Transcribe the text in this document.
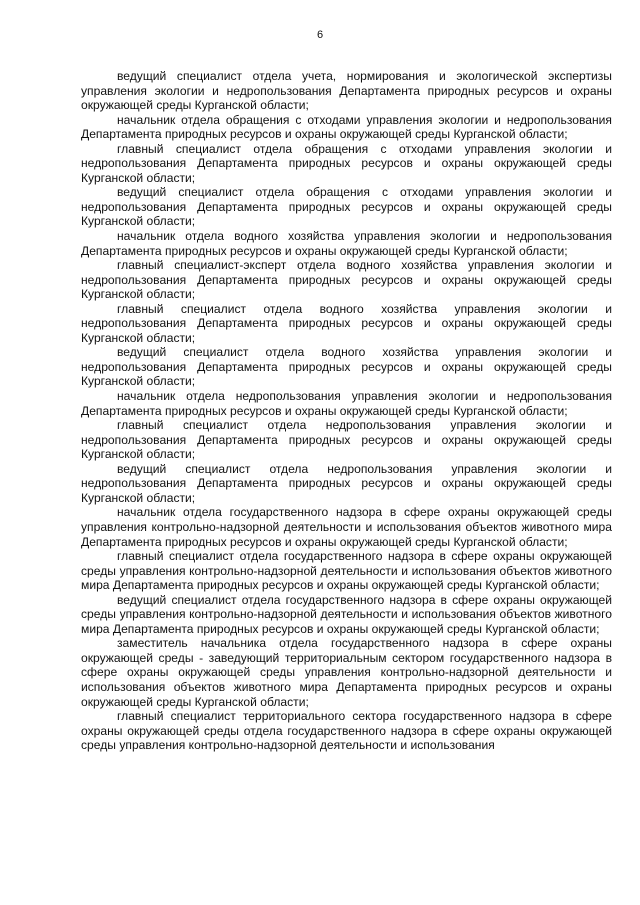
6

ведущий специалист отдела учета, нормирования и экологической экспертизы управления экологии и недропользования Департамента природных ресурсов и охраны окружающей среды Курганской области;

начальник отдела обращения с отходами управления экологии и недропользования Департамента природных ресурсов и охраны окружающей среды Курганской области;

главный специалист отдела обращения с отходами управления экологии и недропользования Департамента природных ресурсов и охраны окружающей среды Курганской области;

ведущий специалист отдела обращения с отходами управления экологии и недропользования Департамента природных ресурсов и охраны окружающей среды Курганской области;

начальник отдела водного хозяйства управления экологии и недропользования Департамента природных ресурсов и охраны окружающей среды Курганской области;

главный специалист-эксперт отдела водного хозяйства управления экологии и недропользования Департамента природных ресурсов и охраны окружающей среды Курганской области;

главный специалист отдела водного хозяйства управления экологии и недропользования Департамента природных ресурсов и охраны окружающей среды Курганской области;

ведущий специалист отдела водного хозяйства управления экологии и недропользования Департамента природных ресурсов и охраны окружающей среды Курганской области;

начальник отдела недропользования управления экологии и недропользования Департамента природных ресурсов и охраны окружающей среды Курганской области;

главный специалист отдела недропользования управления экологии и недропользования Департамента природных ресурсов и охраны окружающей среды Курганской области;

ведущий специалист отдела недропользования управления экологии и недропользования Департамента природных ресурсов и охраны окружающей среды Курганской области;

начальник отдела государственного надзора в сфере охраны окружающей среды управления контрольно-надзорной деятельности и использования объектов животного мира Департамента природных ресурсов и охраны окружающей среды Курганской области;

главный специалист отдела государственного надзора в сфере охраны окружающей среды управления контрольно-надзорной деятельности и использования объектов животного мира Департамента природных ресурсов и охраны окружающей среды Курганской области;

ведущий специалист отдела государственного надзора в сфере охраны окружающей среды управления контрольно-надзорной деятельности и использования объектов животного мира Департамента природных ресурсов и охраны окружающей среды Курганской области;

заместитель начальника отдела государственного надзора в сфере охраны окружающей среды - заведующий территориальным сектором государственного надзора в сфере охраны окружающей среды управления контрольно-надзорной деятельности и использования объектов животного мира Департамента природных ресурсов и охраны окружающей среды Курганской области;

главный специалист территориального сектора государственного надзора в сфере охраны окружающей среды отдела государственного надзора в сфере охраны окружающей среды управления контрольно-надзорной деятельности и использования
